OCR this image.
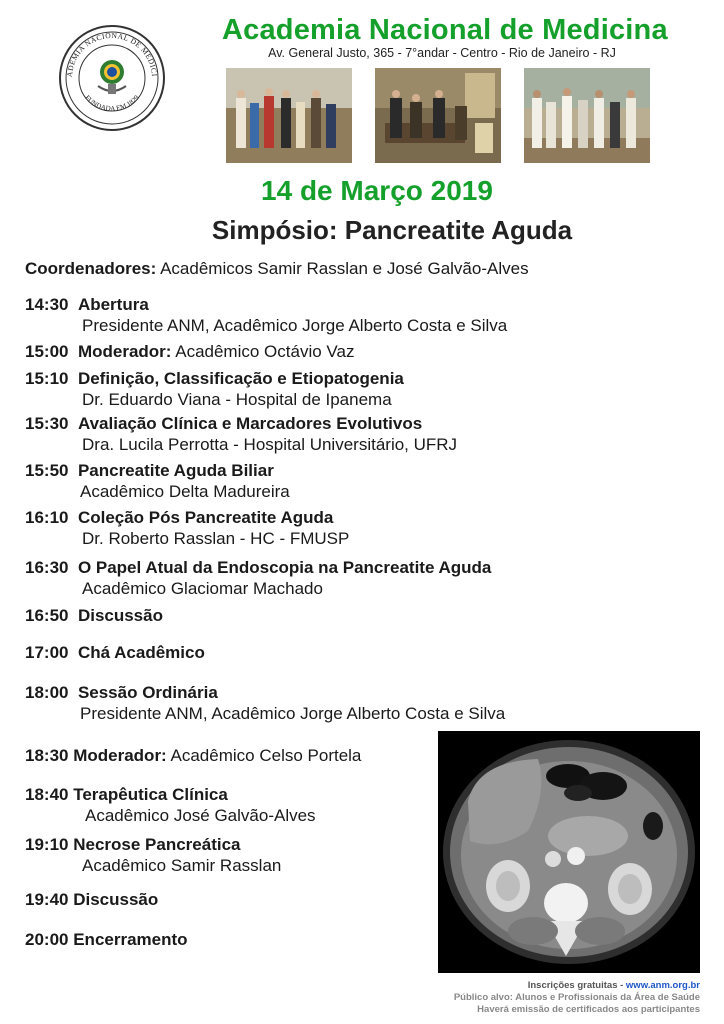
ADEMIA NACIONAL DE MEDICI
FUNDADA EM 1829
Academia Nacional de Medicina
Av. General Justo, 365 - 7°andar - Centro - Rio de Janeiro - RJ
14 de Março 2019
Simpósio: Pancreatite Aguda
Coordenadores: Acadêmicos Samir Rasslan e José Galvão-Alves
14:30 Abertura
Presidente ANM, Acadêmico Jorge Alberto Costa e Silva
15:00 Moderador: Acadêmico Octávio Vaz
15:10 Definição, Classificação e Etiopatogenia
Dr. Eduardo Viana - Hospital de Ipanema
15:30 Avaliação Clínica e Marcadores Evolutivos
Dra. Lucila Perrotta - Hospital Universitário, UFRJ
15:50 Pancreatite Aguda Biliar
Acadêmico Delta Madureira
16:10 Coleção Pós Pancreatite Aguda
Dr. Roberto Rasslan - HC - FMUSP
16:30 O Papel Atual da Endoscopia na Pancreatite Aguda
Acadêmico Glaciomar Machado
16:50 Discussão
17:00 Chá Acadêmico
18:00 Sessão Ordinária
Presidente ANM, Acadêmico Jorge Alberto Costa e Silva
18:30 Moderador: Acadêmico Celso Portela
18:40 Terapêutica Clínica
Acadêmico José Galvão-Alves
19:10 Necrose Pancreática
Acadêmico Samir Rasslan
19:40 Discussão
20:00 Encerramento
Inscrições gratuitas - www.anm.org.br
Público alvo: Alunos e Profissionais da Área de Saúde
Haverá emissão de certificados aos participantes
